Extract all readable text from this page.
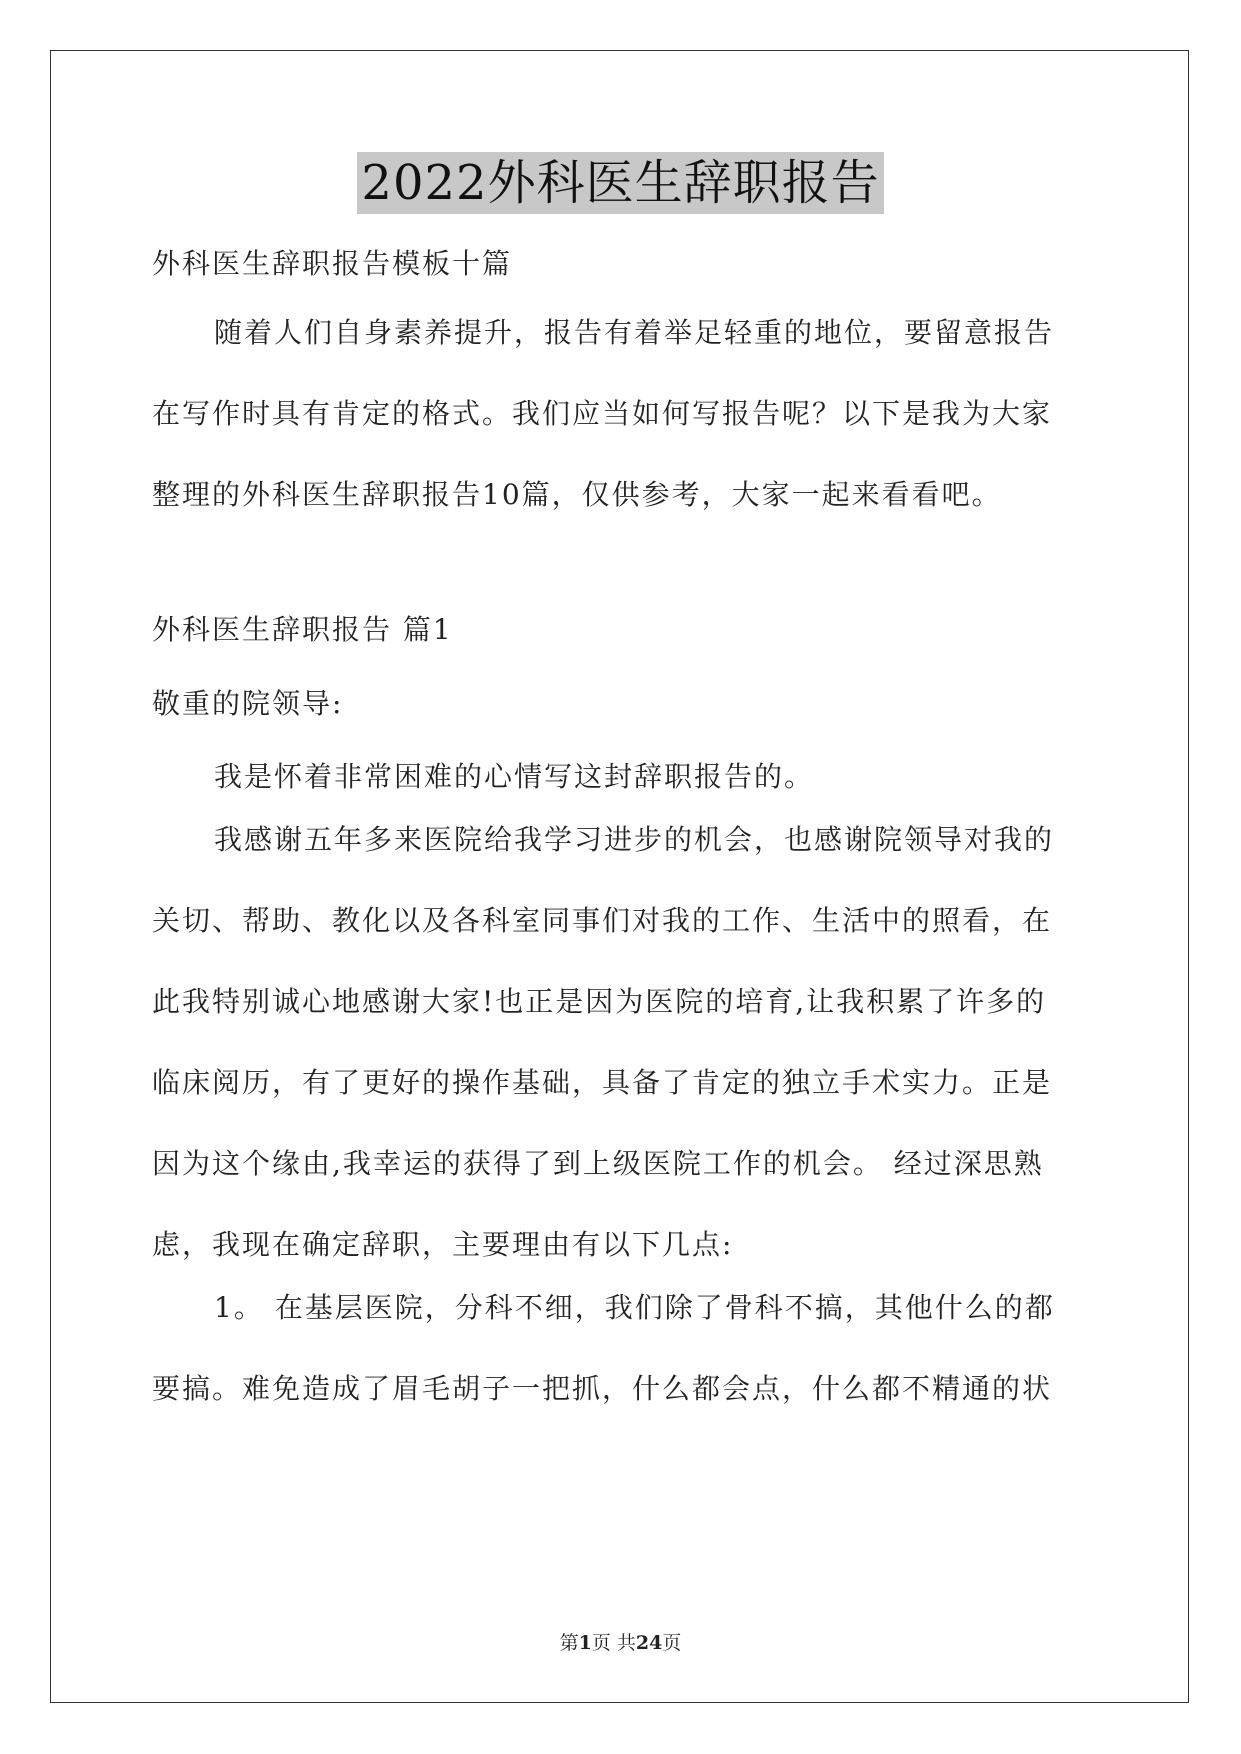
2022外科医生辞职报告
外科医生辞职报告模板十篇
随着人们自身素养提升，报告有着举足轻重的地位，要留意报告
在写作时具有肯定的格式。我们应当如何写报告呢？以下是我为大家
整理的外科医生辞职报告10篇，仅供参考，大家一起来看看吧。
外科医生辞职报告 篇1
敬重的院领导:
我是怀着非常困难的心情写这封辞职报告的。
我感谢五年多来医院给我学习进步的机会，也感谢院领导对我的
关切、帮助、教化以及各科室同事们对我的工作、生活中的照看，在
此我特别诚心地感谢大家!也正是因为医院的培育,让我积累了许多的
临床阅历，有了更好的操作基础，具备了肯定的独立手术实力。正是
因为这个缘由,我幸运的获得了到上级医院工作的机会。 经过深思熟
虑，我现在确定辞职，主要理由有以下几点:
1。 在基层医院，分科不细，我们除了骨科不搞，其他什么的都
要搞。难免造成了眉毛胡子一把抓，什么都会点，什么都不精通的状
第1页 共24页
